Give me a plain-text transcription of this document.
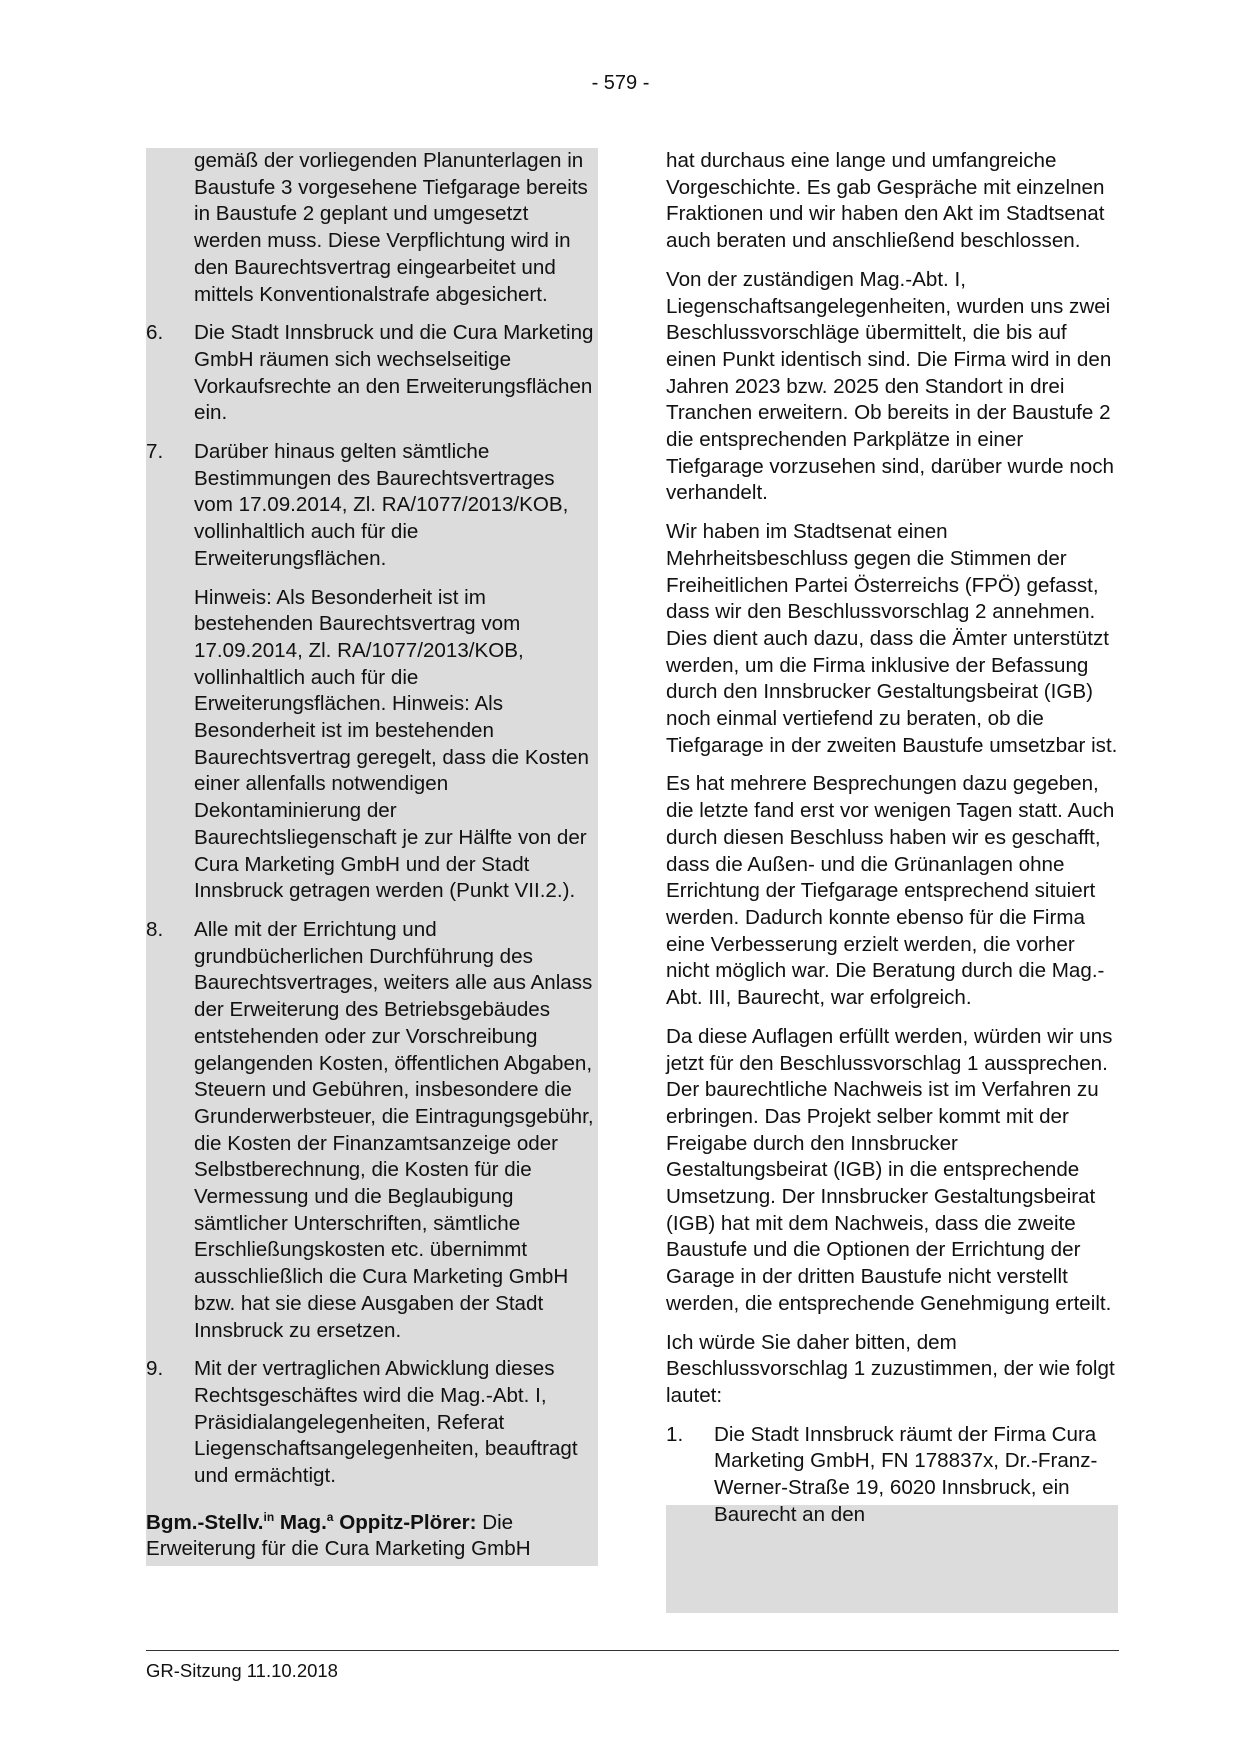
- 579 -

gemäß der vorliegenden Planunterlagen in Baustufe 3 vorgesehene Tiefgarage bereits in Baustufe 2 geplant und umgesetzt werden muss. Diese Verpflichtung wird in den Baurechtsvertrag eingearbeitet und mittels Konventionalstrafe abgesichert.

6.	Die Stadt Innsbruck und die Cura Marketing GmbH räumen sich wechselseitige Vorkaufsrechte an den Erweiterungsflächen ein.
7.	Darüber hinaus gelten sämtliche Bestimmungen des Baurechtsvertrages vom 17.09.2014, Zl. RA/1077/2013/KOB, vollinhaltlich auch für die Erweiterungsflächen.

Hinweis: Als Besonderheit ist im bestehenden Baurechtsvertrag vom 17.09.2014, Zl. RA/1077/2013/KOB, vollinhaltlich auch für die Erweiterungsflächen. Hinweis: Als Besonderheit ist im bestehenden Baurechtsvertrag geregelt, dass die Kosten einer allenfalls notwendigen Dekontaminierung der Baurechtsliegenschaft je zur Hälfte von der Cura Marketing GmbH und der Stadt Innsbruck getragen werden (Punkt VII.2.).

8.	Alle mit der Errichtung und grundbücherlichen Durchführung des Baurechtsvertrages, weiters alle aus Anlass der Erweiterung des Betriebsgebäudes entstehenden oder zur Vorschreibung gelangenden Kosten, öffentlichen Abgaben, Steuern und Gebühren, insbesondere die Grunderwerbsteuer, die Eintragungsgebühr, die Kosten der Finanzamtsanzeige oder Selbstberechnung, die Kosten für die Vermessung und die Beglaubigung sämtlicher Unterschriften, sämtliche Erschließungskosten etc. übernimmt ausschließlich die Cura Marketing GmbH bzw. hat sie diese Ausgaben der Stadt Innsbruck zu ersetzen.
9.	Mit der vertraglichen Abwicklung dieses Rechtsgeschäftes wird die Mag.-Abt. I, Präsidialangelegenheiten, Referat Liegenschaftsangelegenheiten, beauftragt und ermächtigt.

Bgm.-Stellv.$^{in}$ Mag.$^a$ Oppitz-Plörer: Die Erweiterung für die Cura Marketing GmbH

hat durchaus eine lange und umfangreiche Vorgeschichte. Es gab Gespräche mit einzelnen Fraktionen und wir haben den Akt im Stadtsenat auch beraten und anschließend beschlossen.

Von der zuständigen Mag.-Abt. I, Liegenschaftsangelegenheiten, wurden uns zwei Beschlussvorschläge übermittelt, die bis auf einen Punkt identisch sind. Die Firma wird in den Jahren 2023 bzw. 2025 den Standort in drei Tranchen erweitern. Ob bereits in der Baustufe 2 die entsprechenden Parkplätze in einer Tiefgarage vorzusehen sind, darüber wurde noch verhandelt.

Wir haben im Stadtsenat einen Mehrheitsbeschluss gegen die Stimmen der Freiheitlichen Partei Österreichs (FPÖ) gefasst, dass wir den Beschlussvorschlag 2 annehmen. Dies dient auch dazu, dass die Ämter unterstützt werden, um die Firma inklusive der Befassung durch den Innsbrucker Gestaltungsbeirat (IGB) noch einmal vertiefend zu beraten, ob die Tiefgarage in der zweiten Baustufe umsetzbar ist.

Es hat mehrere Besprechungen dazu gegeben, die letzte fand erst vor wenigen Tagen statt. Auch durch diesen Beschluss haben wir es geschafft, dass die Außen- und die Grünanlagen ohne Errichtung der Tiefgarage entsprechend situiert werden. Dadurch konnte ebenso für die Firma eine Verbesserung erzielt werden, die vorher nicht möglich war. Die Beratung durch die Mag.-Abt. III, Baurecht, war erfolgreich.

Da diese Auflagen erfüllt werden, würden wir uns jetzt für den Beschlussvorschlag 1 aussprechen. Der baurechtliche Nachweis ist im Verfahren zu erbringen. Das Projekt selber kommt mit der Freigabe durch den Innsbrucker Gestaltungsbeirat (IGB) in die entsprechende Umsetzung. Der Innsbrucker Gestaltungsbeirat (IGB) hat mit dem Nachweis, dass die zweite Baustufe und die Optionen der Errichtung der Garage in der dritten Baustufe nicht verstellt werden, die entsprechende Genehmigung erteilt.

Ich würde Sie daher bitten, dem Beschlussvorschlag 1 zuzustimmen, der wie folgt lautet:

1.	Die Stadt Innsbruck räumt der Firma Cura Marketing GmbH, FN 178837x, Dr.-Franz-Werner-Straße 19, 6020 Innsbruck, ein Baurecht an den
GR-Sitzung 11.10.2018
